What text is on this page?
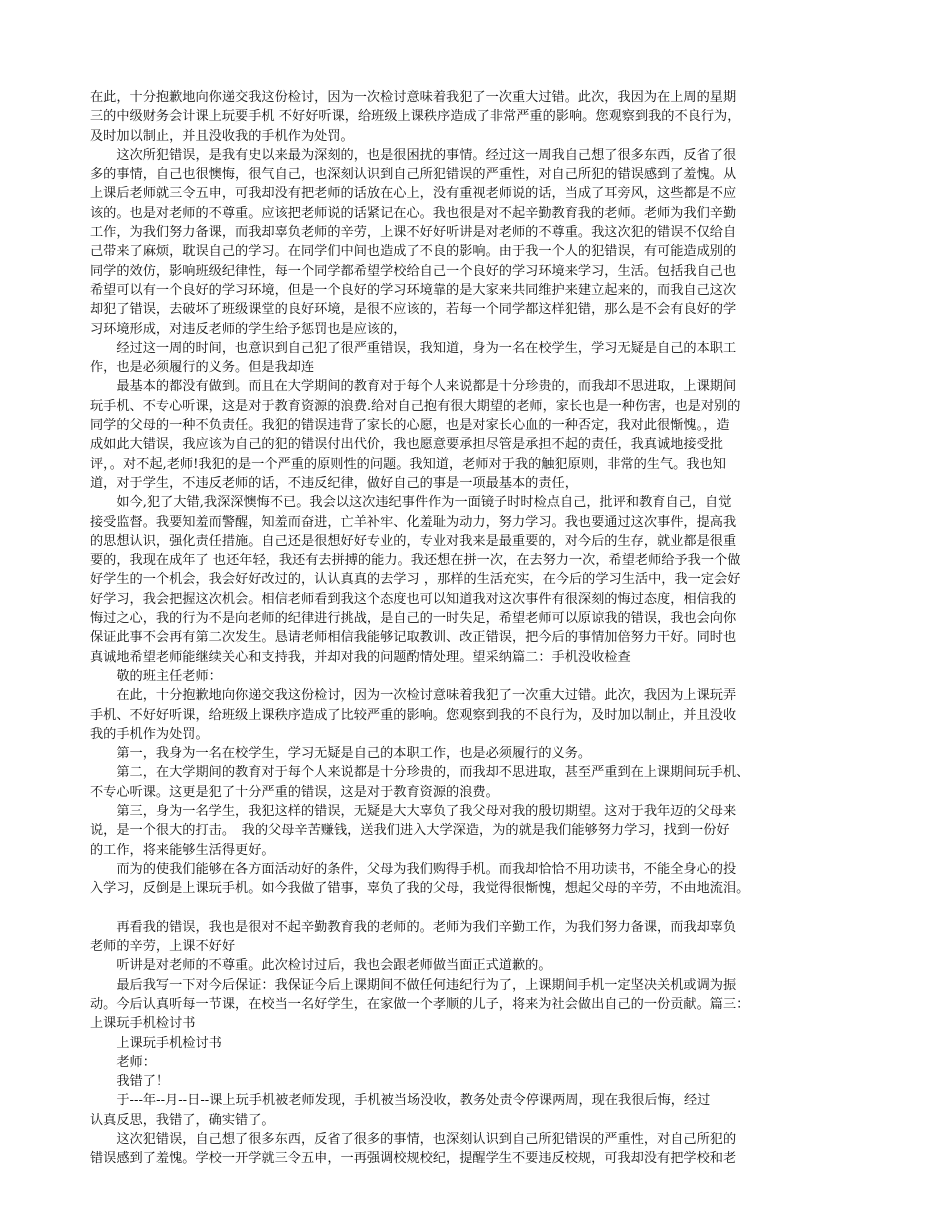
在此，十分抱歉地向你递交我这份检讨，因为一次检讨意味着我犯了一次重大过错。此次，我因为在上周的星期
三的中级财务会计课上玩要手机 不好好听课，给班级上课秩序造成了非常严重的影响。您观察到我的不良行为，
及时加以制止，并且没收我的手机作为处罚。
　　这次所犯错误，是我有史以来最为深刻的，也是很困扰的事情。经过这一周我自己想了很多东西，反省了很
多的事情，自己也很懊悔，很气自己，也深刻认识到自己所犯错误的严重性，对自己所犯的错误感到了羞愧。从
上课后老师就三令五申，可我却没有把老师的话放在心上，没有重视老师说的话，当成了耳旁风，这些都是不应
该的。也是对老师的不尊重。应该把老师说的话紧记在心。我也很是对不起辛勤教育我的老师。老师为我们辛勤
工作，为我们努力备课，而我却辜负老师的辛劳，上课不好好听讲是对老师的不尊重。我这次犯的错误不仅给自
己带来了麻烦，耽误自己的学习。在同学们中间也造成了不良的影响。由于我一个人的犯错误，有可能造成别的
同学的效仿，影响班级纪律性，每一个同学都希望学校给自己一个良好的学习环境来学习，生活。包括我自己也
希望可以有一个良好的学习环境，但是一个良好的学习环境靠的是大家来共同维护来建立起来的，而我自己这次
却犯了错误，去破坏了班级课堂的良好环境，是很不应该的，若每一个同学都这样犯错，那么是不会有良好的学
习环境形成，对违反老师的学生给予惩罚也是应该的，
　　经过这一周的时间，也意识到自己犯了很严重错误，我知道，身为一名在校学生，学习无疑是自己的本职工
作，也是必须履行的义务。但是我却连
　　最基本的都没有做到。而且在大学期间的教育对于每个人来说都是十分珍贵的，而我却不思进取，上课期间
玩手机、不专心听课，这是对于教育资源的浪费.给对自己抱有很大期望的老师，家长也是一种伤害，也是对别的
同学的父母的一种不负责任。我犯的错误违背了家长的心愿，也是对家长心血的一种否定，我对此很惭愧。，造
成如此大错误，我应该为自己的犯的错误付出代价，我也愿意要承担尽管是承担不起的责任，我真诚地接受批
评，。对不起,老师!我犯的是一个严重的原则性的问题。我知道，老师对于我的触犯原则，非常的生气。我也知
道，对于学生，不违反老师的话，不违反纪律，做好自己的事是一项最基本的责任，
　　如今,犯了大错,我深深懊悔不已。我会以这次违纪事件作为一面镜子时时检点自己，批评和教育自己，自觉
接受监督。我要知羞而警醒，知羞而奋进，亡羊补牢、化羞耻为动力，努力学习。我也要通过这次事件，提高我
的思想认识，强化责任措施。自己还是很想好好专业的，专业对我来是最重要的，对今后的生存，就业都是很重
要的，我现在成年了 也还年轻，我还有去拼搏的能力。我还想在拼一次，在去努力一次，希望老师给予我一个做
好学生的一个机会，我会好好改过的，认认真真的去学习 ，那样的生活充实，在今后的学习生活中，我一定会好
好学习，我会把握这次机会。相信老师看到我这个态度也可以知道我对这次事件有很深刻的悔过态度，相信我的
悔过之心，我的行为不是向老师的纪律进行挑战，是自己的一时失足，希望老师可以原谅我的错误，我也会向你
保证此事不会再有第二次发生。恳请老师相信我能够记取教训、改正错误，把今后的事情加倍努力干好。同时也
真诚地希望老师能继续关心和支持我，并却对我的问题酌情处理。望采纳篇二：手机没收检查
　　敬的班主任老师：
　　在此，十分抱歉地向你递交我这份检讨，因为一次检讨意味着我犯了一次重大过错。此次，我因为上课玩弄
手机、不好好听课，给班级上课秩序造成了比较严重的影响。您观察到我的不良行为，及时加以制止，并且没收
我的手机作为处罚。
　　第一，我身为一名在校学生，学习无疑是自己的本职工作，也是必须履行的义务。
　　第二，在大学期间的教育对于每个人来说都是十分珍贵的，而我却不思进取，甚至严重到在上课期间玩手机、
不专心听课。这更是犯了十分严重的错误，这是对于教育资源的浪费。
　　第三，身为一名学生，我犯这样的错误，无疑是大大辜负了我父母对我的殷切期望。这对于我年迈的父母来
说，是一个很大的打击。　我的父母辛苦赚钱，送我们进入大学深造，为的就是我们能够努力学习，找到一份好
的工作，将来能够生活得更好。
　　而为的使我们能够在各方面活动好的条件，父母为我们购得手机。而我却恰恰不用功读书，不能全身心的投
入学习，反倒是上课玩手机。如今我做了错事，辜负了我的父母，我觉得很惭愧，想起父母的辛劳，不由地流泪。
　　再看我的错误，我也是很对不起辛勤教育我的老师的。老师为我们辛勤工作，为我们努力备课，而我却辜负
老师的辛劳，上课不好好
　　听讲是对老师的不尊重。此次检讨过后，我也会跟老师做当面正式道歉的。
　　最后我写一下对今后保证：我保证今后上课期间不做任何违纪行为了，上课期间手机一定坚决关机或调为振
动。今后认真听每一节课，在校当一名好学生，在家做一个孝顺的儿子，将来为社会做出自己的一份贡献。篇三：
上课玩手机检讨书
　　上课玩手机检讨书
　　老师：
　　我错了！
　　于---年--月--日--课上玩手机被老师发现，手机被当场没收，教务处责令停课两周，现在我很后悔，经过
认真反思，我错了，确实错了。
　　这次犯错误，自己想了很多东西，反省了很多的事情，也深刻认识到自己所犯错误的严重性，对自己所犯的
错误感到了羞愧。学校一开学就三令五申，一再强调校规校纪，提醒学生不要违反校规，可我却没有把学校和老
